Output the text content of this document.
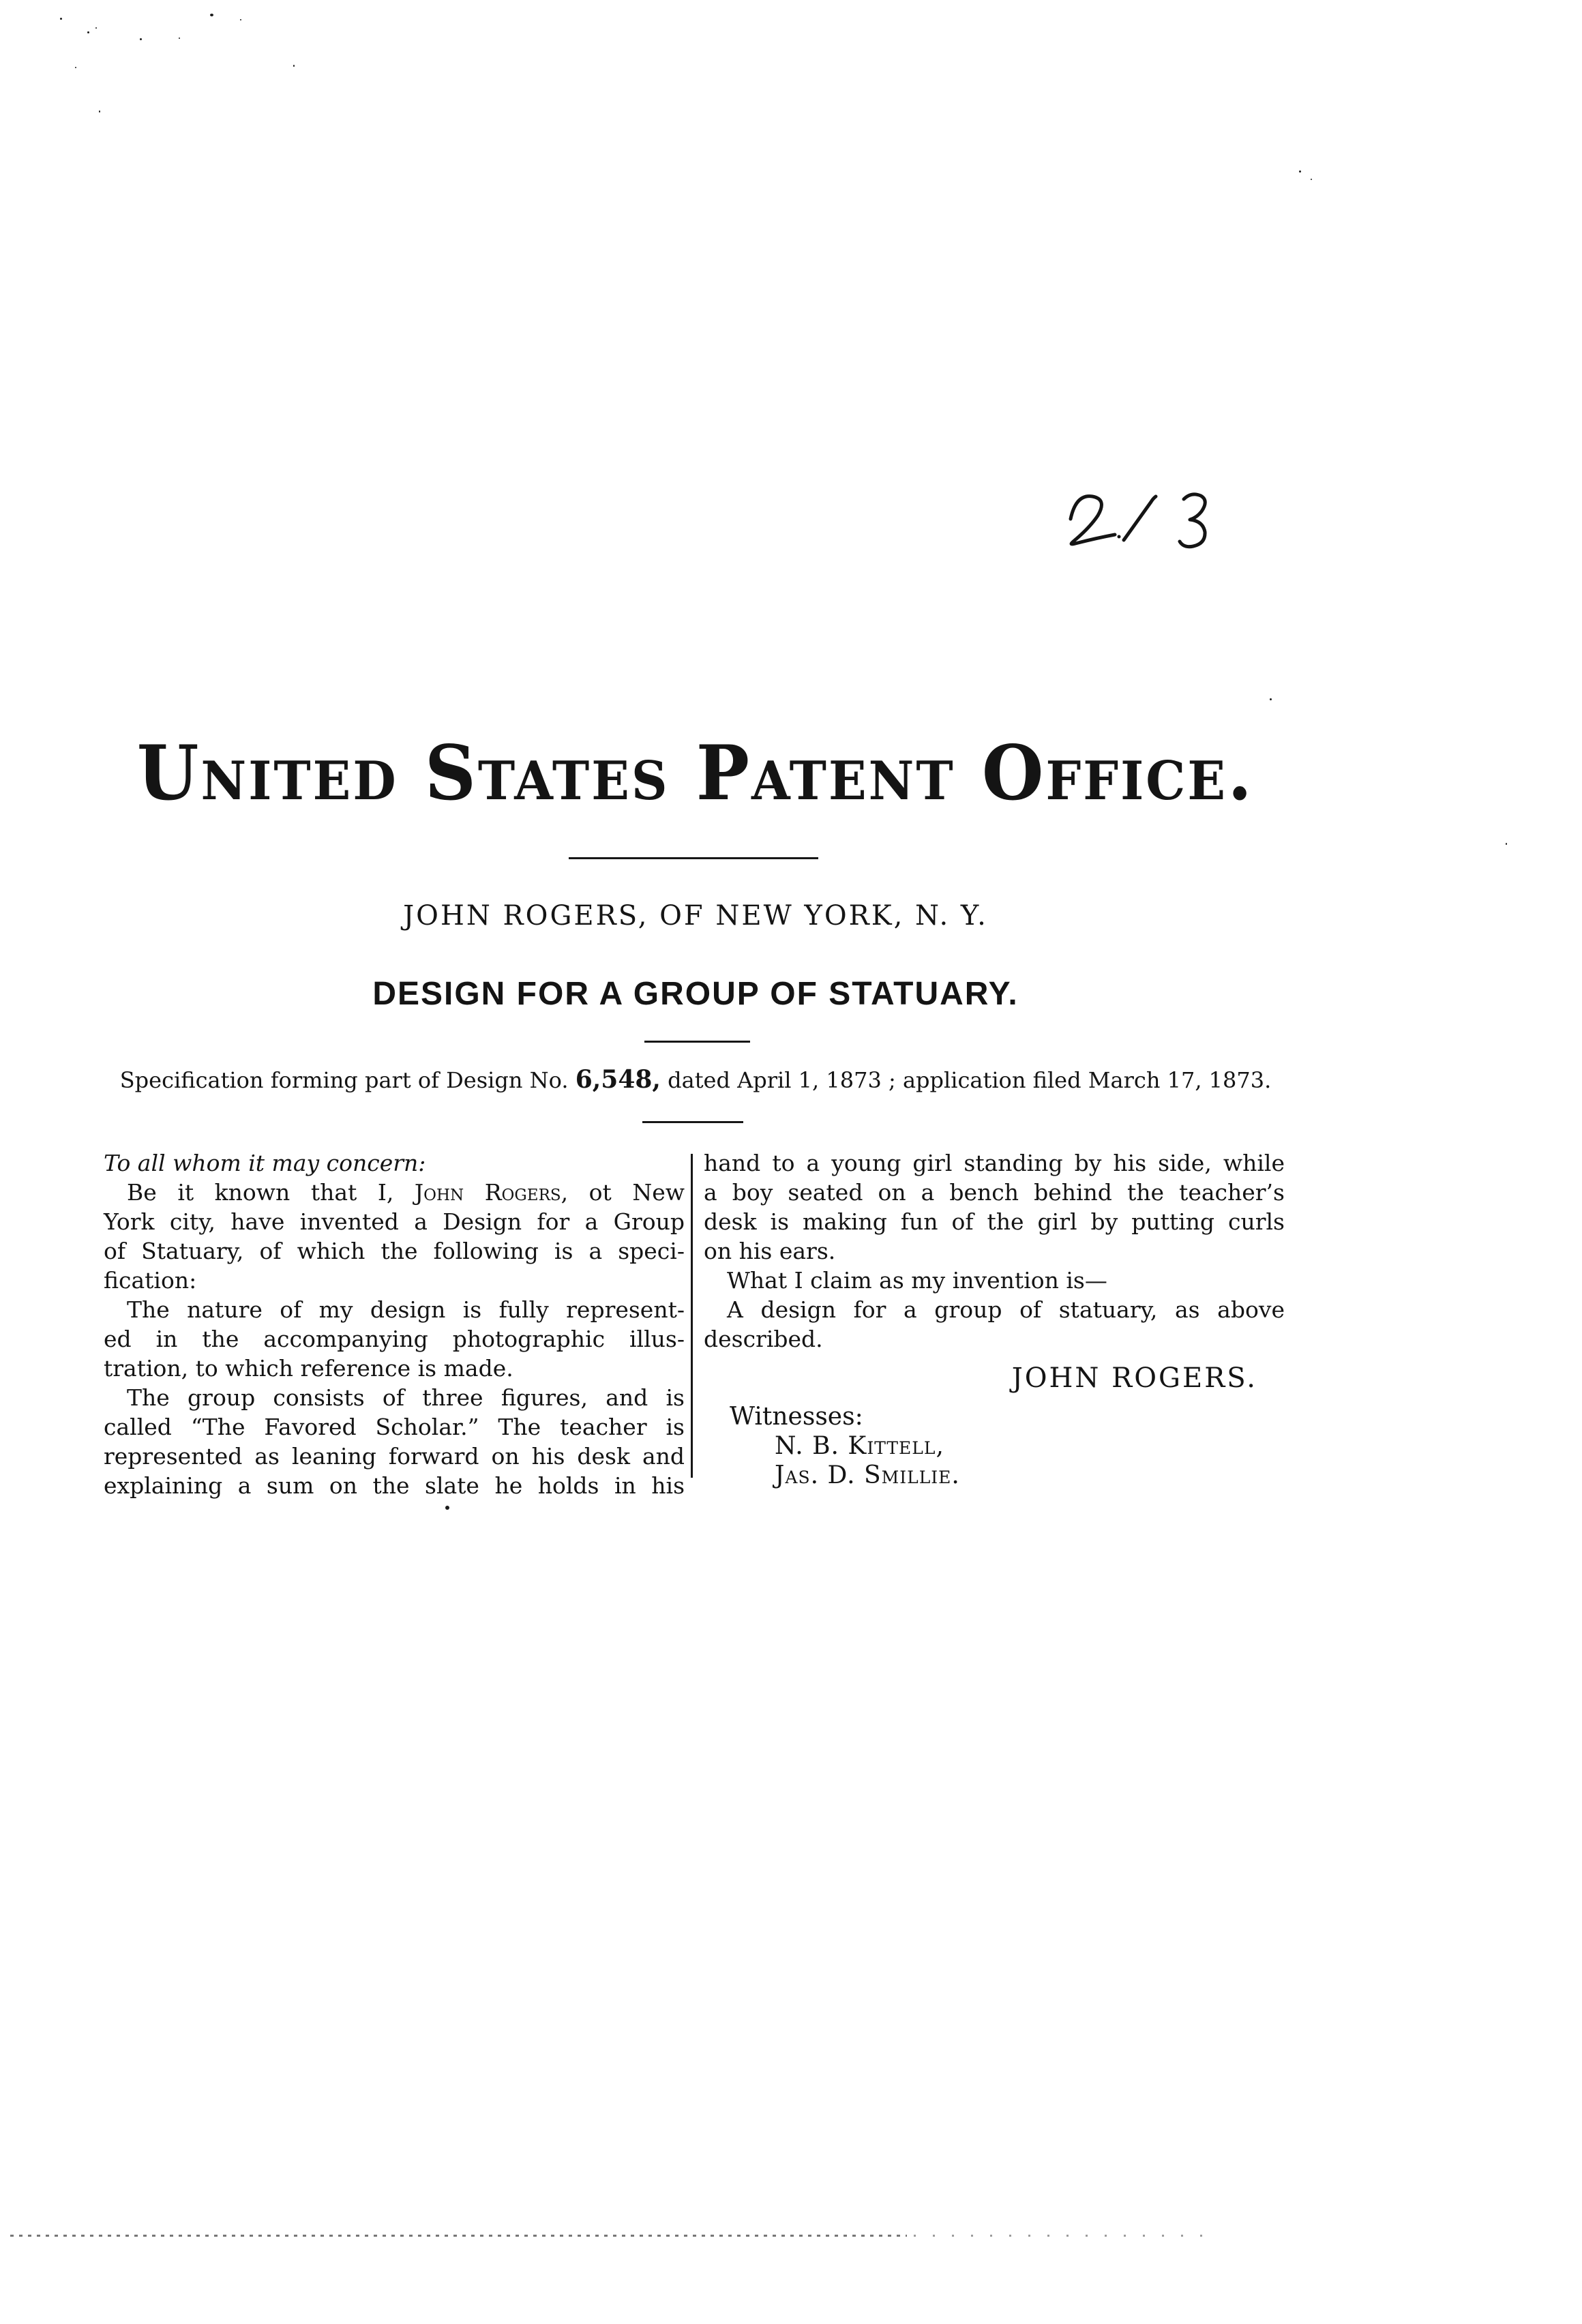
United States Patent Office.
JOHN ROGERS, OF NEW YORK, N. Y.
DESIGN FOR A GROUP OF STATUARY.
Specification forming part of Design No. 6,548, dated April 1, 1873 ; application filed March 17, 1873.
To all whom it may concern:
Be it known that I, John Rogers, ot New
York city, have invented a Design for a Group
of Statuary, of which the following is a speci-
fication:
The nature of my design is fully represent-
ed in the accompanying photographic illus-
tration, to which reference is made.
The group consists of three figures, and is
called “The Favored Scholar.” The teacher is
represented as leaning forward on his desk and
explaining a sum on the slate he holds in his
hand to a young girl standing by his side, while
a boy seated on a bench behind the teacher’s
desk is making fun of the girl by putting curls
on his ears.
What I claim as my invention is—
A design for a group of statuary, as above
described.
JOHN ROGERS.
Witnesses:
N. B. Kittell,
Jas. D. Smillie.
